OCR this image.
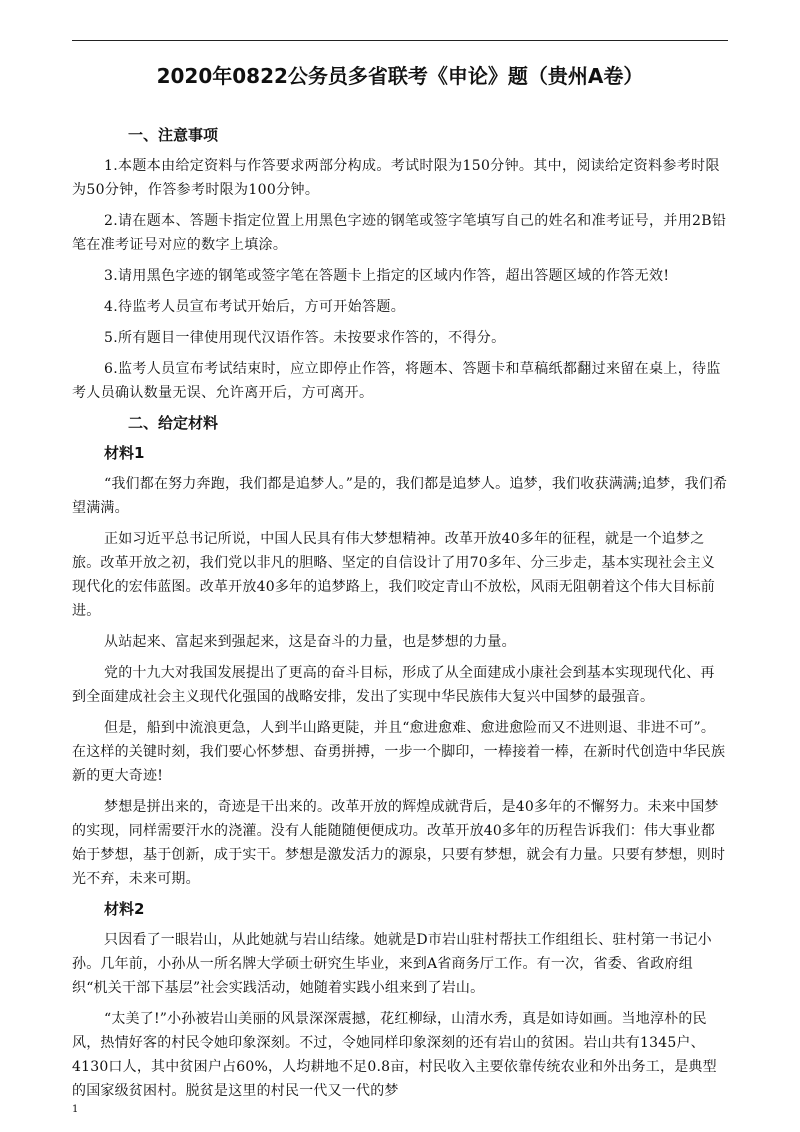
2020年0822公务员多省联考《申论》题（贵州A卷）

一、注意事项

1.本题本由给定资料与作答要求两部分构成。考试时限为150分钟。其中，阅读给定资料参考时限为50分钟，作答参考时限为100分钟。

2.请在题本、答题卡指定位置上用黑色字迹的钢笔或签字笔填写自己的姓名和准考证号，并用2B铅笔在准考证号对应的数字上填涂。

3.请用黑色字迹的钢笔或签字笔在答题卡上指定的区域内作答，超出答题区域的作答无效!

4.待监考人员宣布考试开始后，方可开始答题。

5.所有题目一律使用现代汉语作答。未按要求作答的，不得分。

6.监考人员宣布考试结束时，应立即停止作答，将题本、答题卡和草稿纸都翻过来留在桌上，待监考人员确认数量无误、允许离开后，方可离开。

二、给定材料

材料1

“我们都在努力奔跑，我们都是追梦人。”是的，我们都是追梦人。追梦，我们收获满满;追梦，我们希望满满。

正如习近平总书记所说，中国人民具有伟大梦想精神。改革开放40多年的征程，就是一个追梦之旅。改革开放之初，我们党以非凡的胆略、坚定的自信设计了用70多年、分三步走，基本实现社会主义现代化的宏伟蓝图。改革开放40多年的追梦路上，我们咬定青山不放松，风雨无阻朝着这个伟大目标前进。

从站起来、富起来到强起来，这是奋斗的力量，也是梦想的力量。

党的十九大对我国发展提出了更高的奋斗目标，形成了从全面建成小康社会到基本实现现代化、再到全面建成社会主义现代化强国的战略安排，发出了实现中华民族伟大复兴中国梦的最强音。

但是，船到中流浪更急，人到半山路更陡，并且“愈进愈难、愈进愈险而又不进则退、非进不可”。在这样的关键时刻，我们要心怀梦想、奋勇拼搏，一步一个脚印，一棒接着一棒，在新时代创造中华民族新的更大奇迹!

梦想是拼出来的，奇迹是干出来的。改革开放的辉煌成就背后，是40多年的不懈努力。未来中国梦的实现，同样需要汗水的浇灌。没有人能随随便便成功。改革开放40多年的历程告诉我们：伟大事业都始于梦想，基于创新，成于实干。梦想是激发活力的源泉，只要有梦想，就会有力量。只要有梦想，则时光不弃，未来可期。

材料2

只因看了一眼岩山，从此她就与岩山结缘。她就是D市岩山驻村帮扶工作组组长、驻村第一书记小孙。几年前，小孙从一所名牌大学硕士研究生毕业，来到A省商务厅工作。有一次，省委、省政府组织“机关干部下基层”社会实践活动，她随着实践小组来到了岩山。

“太美了!”小孙被岩山美丽的风景深深震撼，花红柳绿，山清水秀，真是如诗如画。当地淳朴的民风，热情好客的村民令她印象深刻。不过，令她同样印象深刻的还有岩山的贫困。岩山共有1345户、4130口人，其中贫困户占60%，人均耕地不足0.8亩，村民收入主要依靠传统农业和外出务工，是典型的国家级贫困村。脱贫是这里的村民一代又一代的梦

1
